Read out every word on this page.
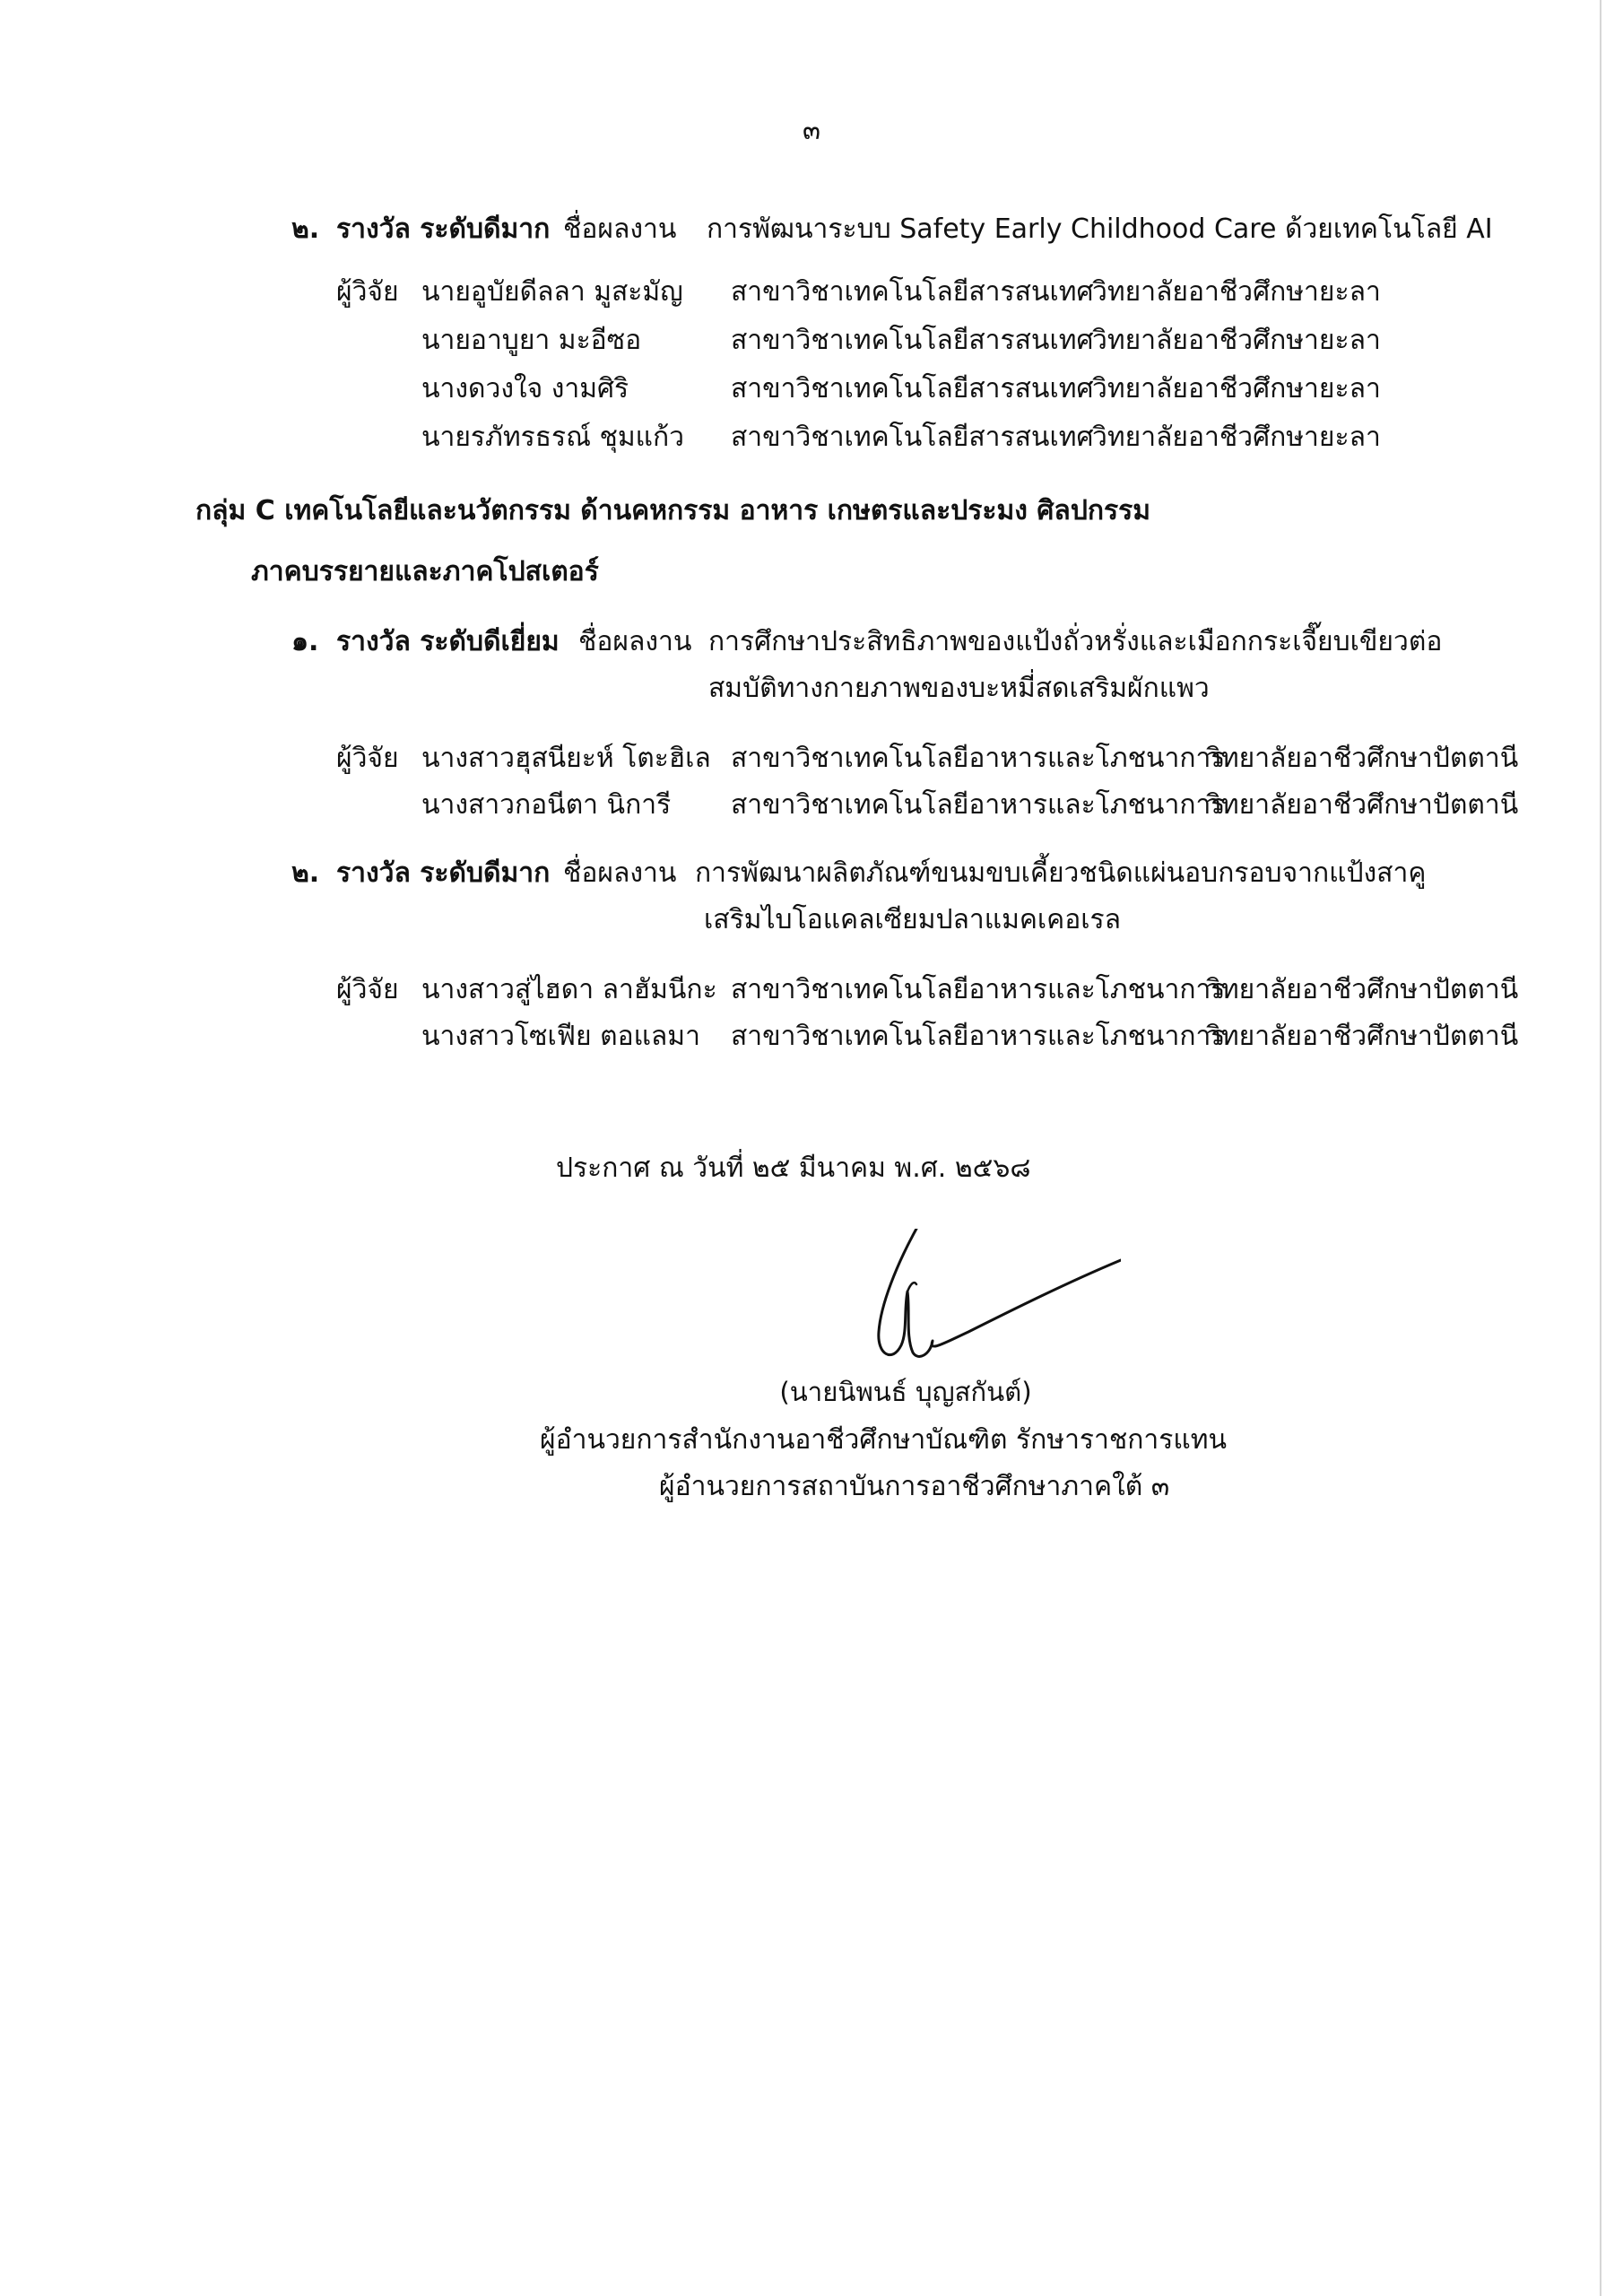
๓
๒. รางวัล ระดับดีมาก ชื่อผลงาน การพัฒนาระบบ Safety Early Childhood Care ด้วยเทคโนโลยี AI
ผู้วิจัย นายอูบัยดีลลา มูสะมัญ สาขาวิชาเทคโนโลยีสารสนเทศ
วิทยาลัยอาชีวศึกษายะลา
นายอาบูยา มะอีซอ	สาขาวิชาเทคโนโลยีสารสนเทศ
วิทยาลัยอาชีวศึกษายะลา
นางดวงใจ งามศิริ	สาขาวิชาเทคโนโลยีสารสนเทศ
วิทยาลัยอาชีวศึกษายะลา
นายรภัทรธรณ์ ชุมแก้ว สาขาวิชาเทคโนโลยีสารสนเทศ
วิทยาลัยอาชีวศึกษายะลา
กลุ่ม C เทคโนโลยีและนวัตกรรม ด้านคหกรรม อาหาร เกษตรและประมง ศิลปกรรม
ภาคบรรยายและภาคโปสเตอร์
๑. รางวัล ระดับดีเยี่ยม ชื่อผลงาน การศึกษาประสิทธิภาพของแป้งถั่วหรั่งและเมือกกระเจี๊ยบเขียวต่อ
สมบัติทางกายภาพของบะหมี่สดเสริมผักแพว
ผู้วิจัย นางสาวฮุสนียะห์ โตะฮิเล สาขาวิชาเทคโนโลยีอาหารและโภชนาการ
วิทยาลัยอาชีวศึกษาปัตตานี
นางสาวกอนีตา นิการี สาขาวิชาเทคโนโลยีอาหารและโภชนาการ
วิทยาลัยอาชีวศึกษาปัตตานี
๒. รางวัล ระดับดีมาก ชื่อผลงาน การพัฒนาผลิตภัณฑ์ขนมขบเคี้ยวชนิดแผ่นอบกรอบจากแป้งสาคู
เสริมไบโอแคลเซียมปลาแมคเคอเรล
ผู้วิจัย นางสาวสู่ไฮดา ลาฮัมนีกะ สาขาวิชาเทคโนโลยีอาหารและโภชนาการ
วิทยาลัยอาชีวศึกษาปัตตานี
นางสาวโซเฟีย ตอแลมา สาขาวิชาเทคโนโลยีอาหารและโภชนาการ
วิทยาลัยอาชีวศึกษาปัตตานี
ประกาศ ณ วันที่ ๒๕ มีนาคม พ.ศ. ๒๕๖๘
(นายนิพนธ์ บุญสกันต์)
ผู้อำนวยการสำนักงานอาชีวศึกษาบัณฑิต รักษาราชการแทน
ผู้อำนวยการสถาบันการอาชีวศึกษาภาคใต้ ๓
